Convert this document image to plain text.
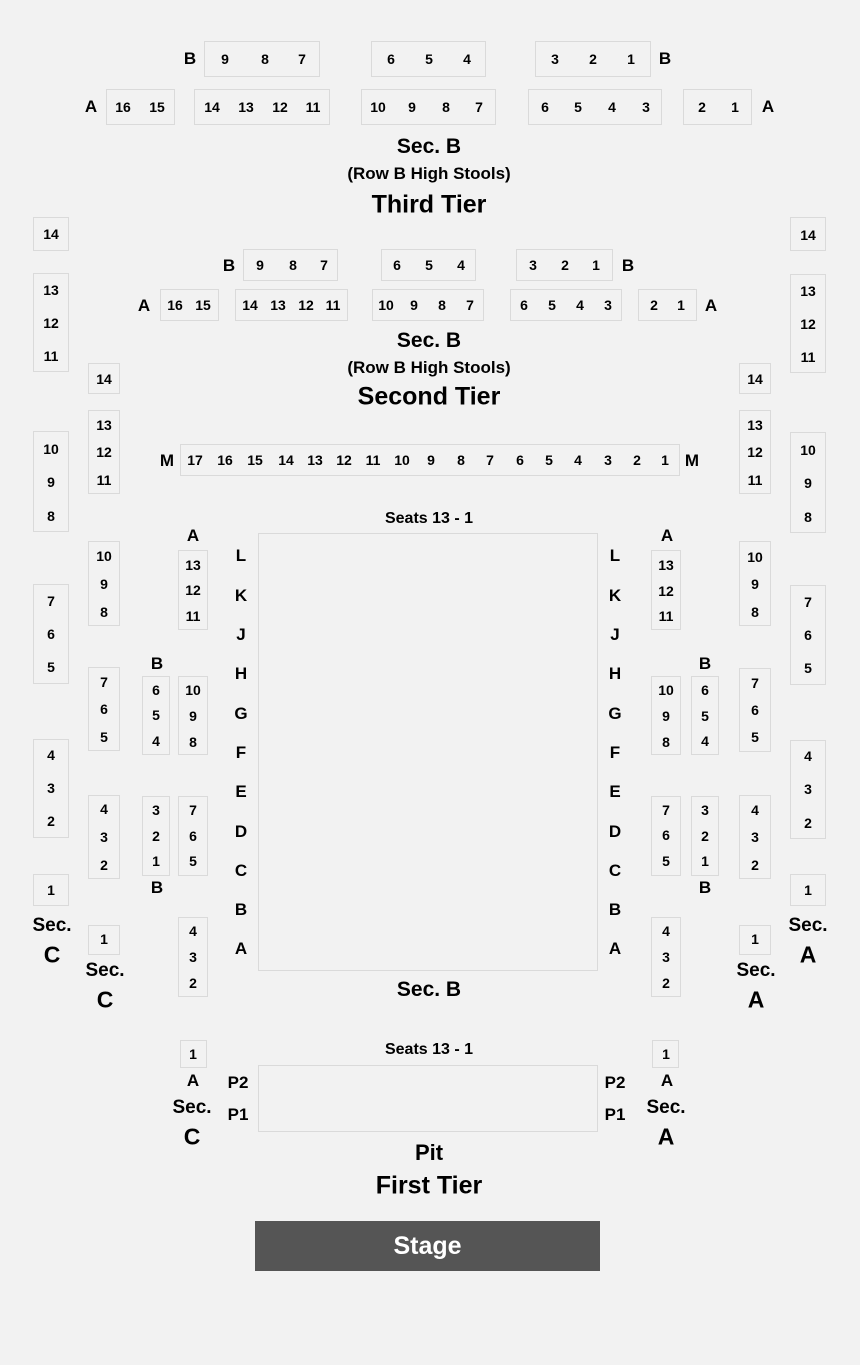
B	B
9 8 7	6 5 4	3 2 1
A	A
16 15	14 13 12 11	10 9 8 7	6 5 4 3	2 1
Sec. B
(Row B High Stools)
Third Tier
14	14
B	B
9 8 7	6 5 4	3 2 1
A	A
16 15 14 13 12 11	10 9 8 7	6 5 4 3	2 1
Sec. B
(Row B High Stools)
Second Tier
13
12
11
13
12
11
14	14
13
12
11
13
12
11
10
9
8
10
9
8
M	M
17 16 15 14 13 12 11 10 9 8 7 6 5 4 3 2 1
Seats 13 - 1
Sec. B
L
K
J
H
G
F
E
D
C
B
A
L
K
J
H
G
F
E
D
C
B
A
A
13
12
11
A
13
12
11
10
9
8
10
9
8
7
6
5
7
6
5
7
6
5
7
6
5
B
6
5
4
B
6
5
4
10
9
8
10
9
8
4
3
2
4
3
2
4
3
2
4
3
2
3
2
1
B
3
2
1
B
7
6
5
7
6
5
1	1
1	1
4
3
2
4
3
2
Sec.
C
Sec.
C
Sec.
A
Sec.
A
Seats 13 - 1
P2
P1
P2
P1
1
A
Sec.
C
1
A
Sec.
A
Pit
First Tier
Stage
